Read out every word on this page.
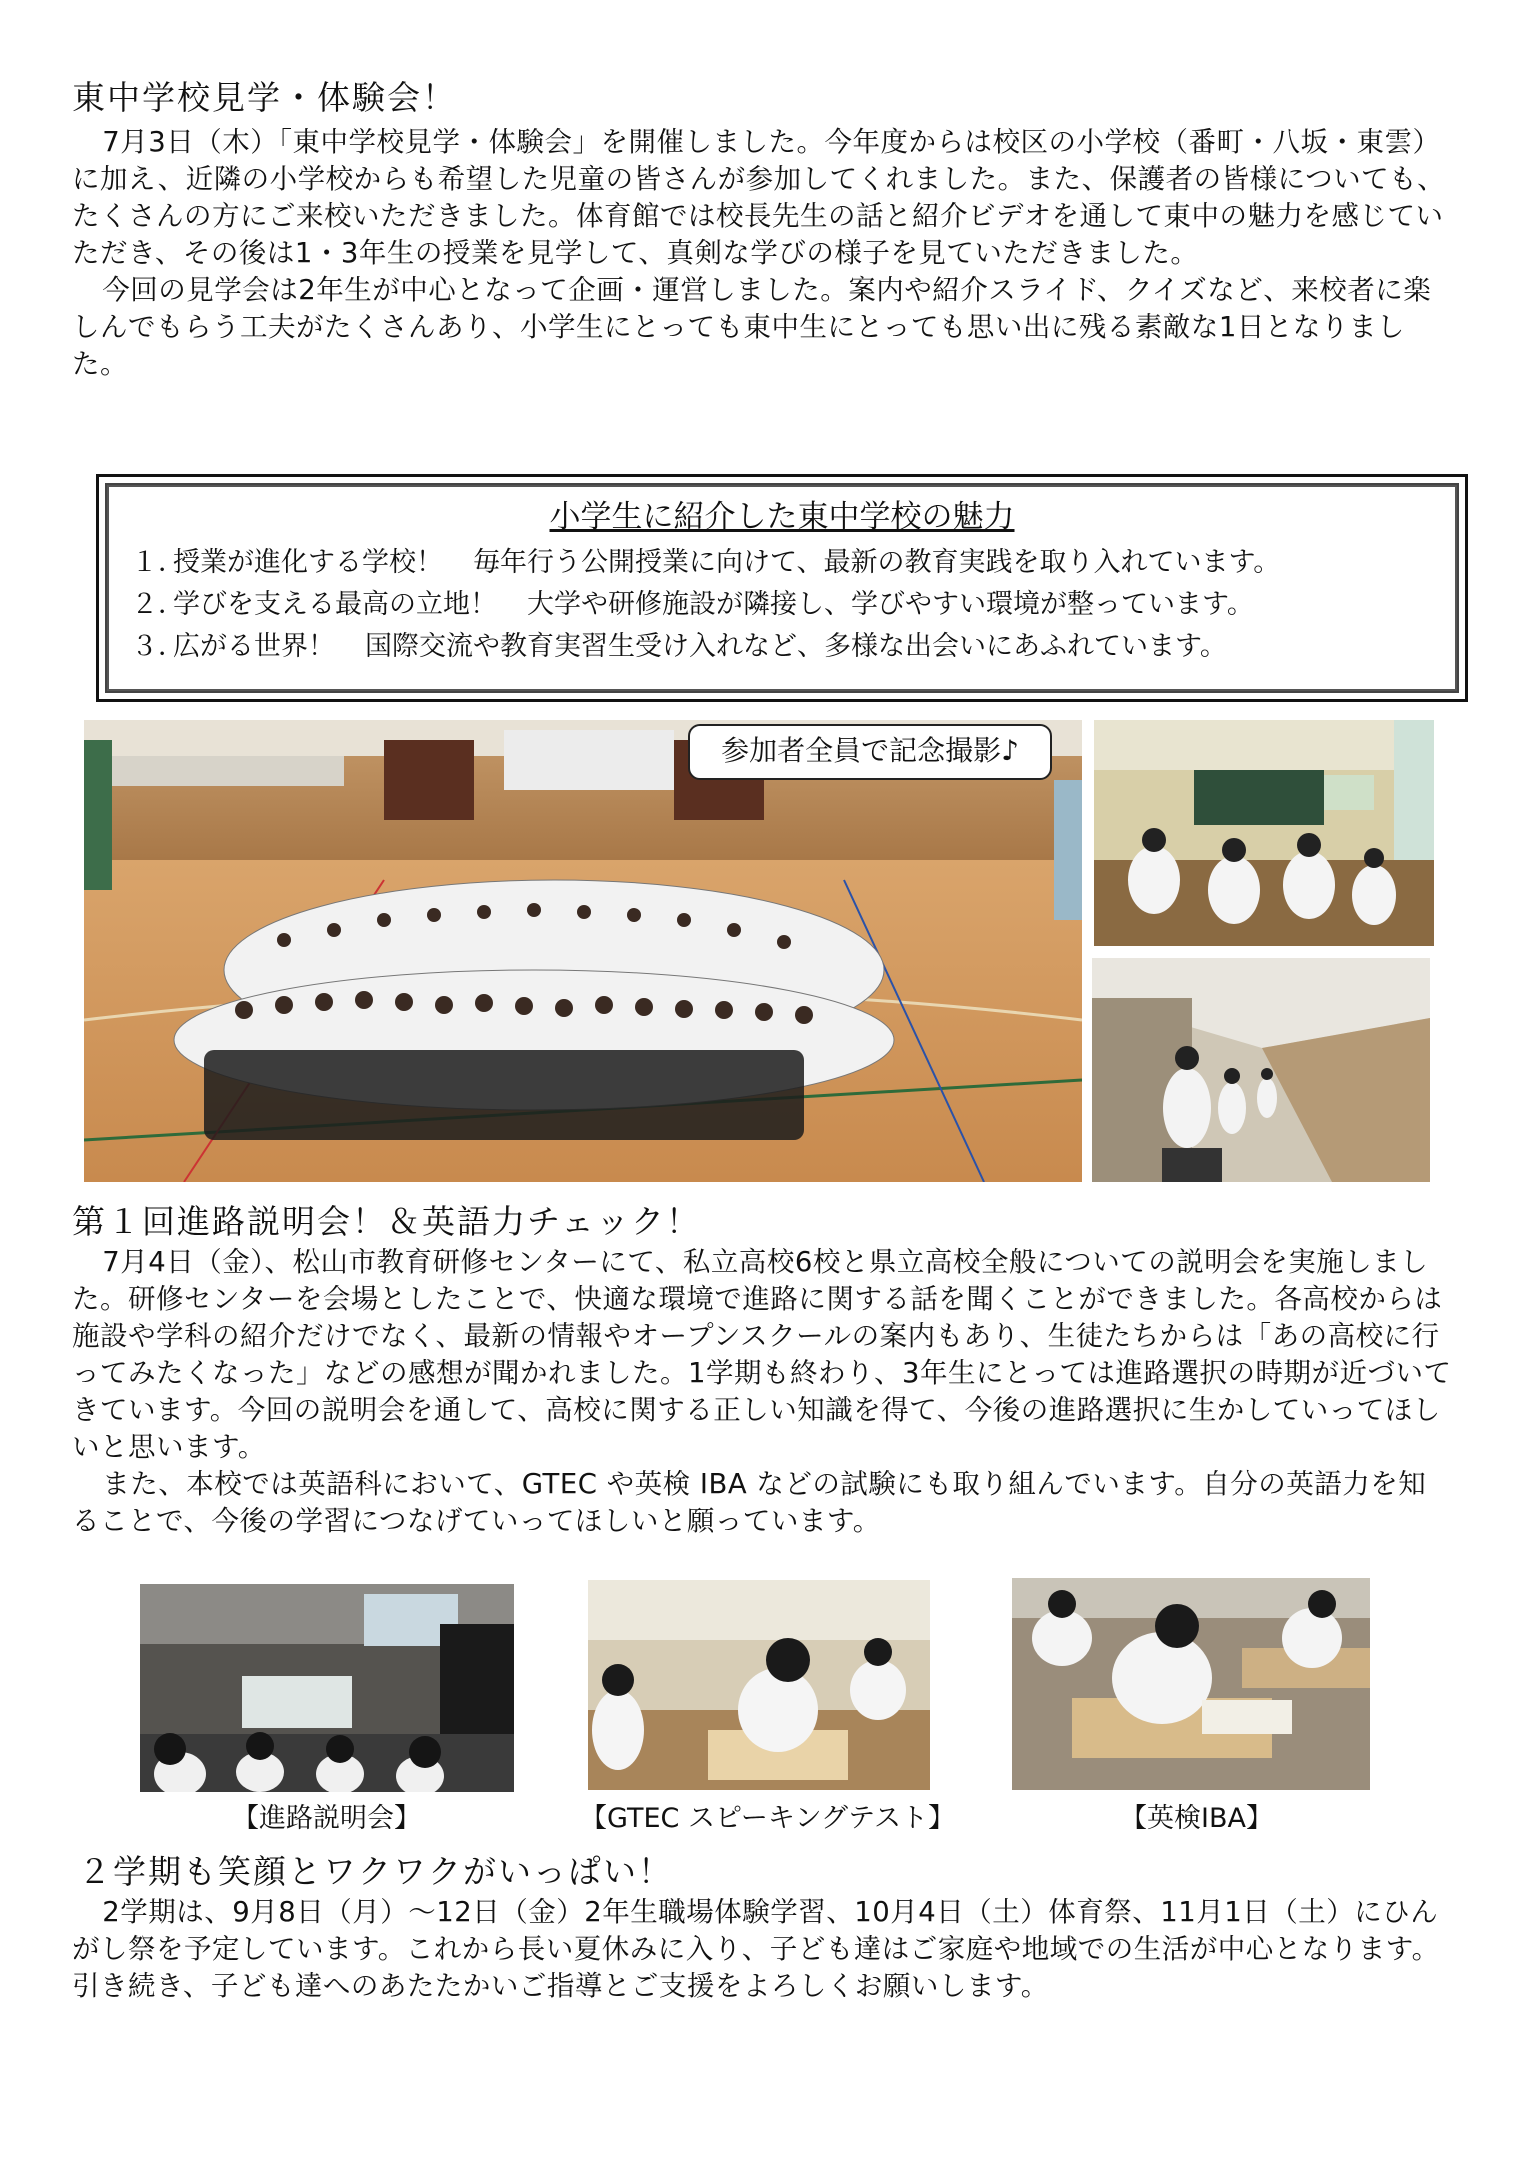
東中学校見学・体験会！

7月3日（木）「東中学校見学・体験会」を開催しました。今年度からは校区の小学校（番町・八坂・東雲）に加え、近隣の小学校からも希望した児童の皆さんが参加してくれました。また、保護者の皆様についても、たくさんの方にご来校いただきました。体育館では校長先生の話と紹介ビデオを通して東中の魅力を感じていただき、その後は1・3年生の授業を見学して、真剣な学びの様子を見ていただきました。

今回の見学会は2年生が中心となって企画・運営しました。案内や紹介スライド、クイズなど、来校者に楽しんでもらう工夫がたくさんあり、小学生にとっても東中生にとっても思い出に残る素敵な1日となりました。

小学生に紹介した東中学校の魅力
１．授業が進化する学校！ 毎年行う公開授業に向けて、最新の教育実践を取り入れています。
２．学びを支える最高の立地！ 大学や研修施設が隣接し、学びやすい環境が整っています。
３．広がる世界！ 国際交流や教育実習生受け入れなど、多様な出会いにあふれています。
参加者全員で記念撮影♪
第１回進路説明会！＆英語力チェック！

7月4日（金）、松山市教育研修センターにて、私立高校6校と県立高校全般についての説明会を実施しました。研修センターを会場としたことで、快適な環境で進路に関する話を聞くことができました。各高校からは施設や学科の紹介だけでなく、最新の情報やオープンスクールの案内もあり、生徒たちからは「あの高校に行ってみたくなった」などの感想が聞かれました。1学期も終わり、3年生にとっては進路選択の時期が近づいてきています。今回の説明会を通して、高校に関する正しい知識を得て、今後の進路選択に生かしていってほしいと思います。

また、本校では英語科において、GTEC や英検 IBA などの試験にも取り組んでいます。自分の英語力を知ることで、今後の学習につなげていってほしいと願っています。

【進路説明会】	【GTEC スピーキングテスト】	【英検IBA】
２学期も笑顔とワクワクがいっぱい！

2学期は、9月8日（月）～12日（金）2年生職場体験学習、10月4日（土）体育祭、11月1日（土）にひんがし祭を予定しています。これから長い夏休みに入り、子ども達はご家庭や地域での生活が中心となります。引き続き、子ども達へのあたたかいご指導とご支援をよろしくお願いします。
